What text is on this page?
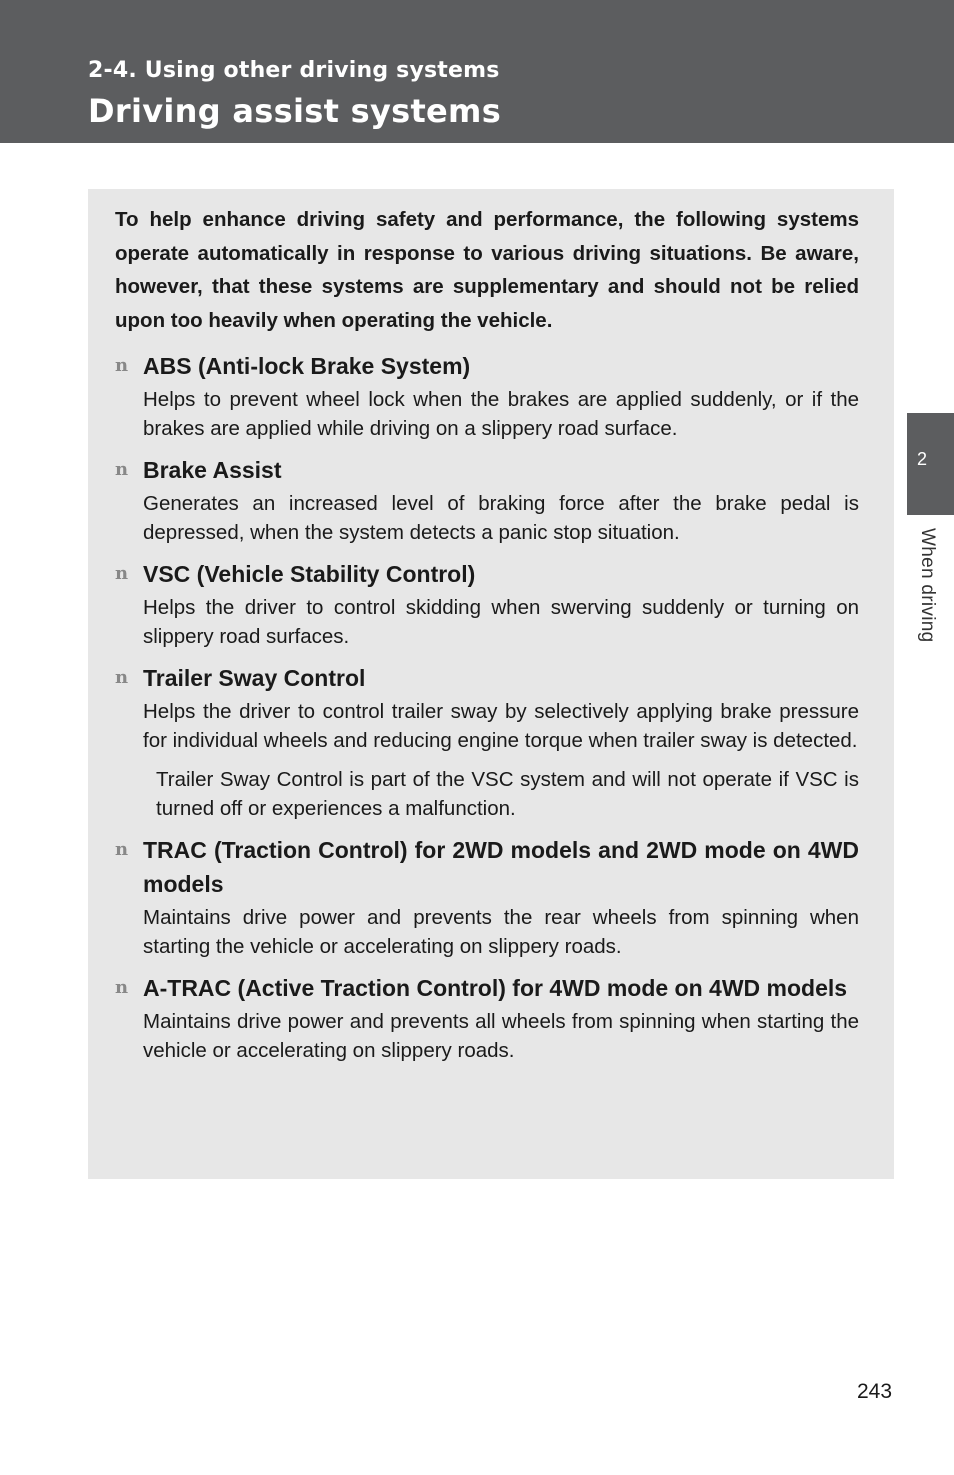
2-4. Using other driving systems
Driving assist systems

To help enhance driving safety and performance, the following systems operate automatically in response to various driving situations. Be aware, however, that these systems are supplementary and should not be relied upon too heavily when operating the vehicle.

n ABS (Anti-lock Brake System)
Helps to prevent wheel lock when the brakes are applied suddenly, or if the brakes are applied while driving on a slippery road surface.
n Brake Assist
Generates an increased level of braking force after the brake pedal is depressed, when the system detects a panic stop situation.
n VSC (Vehicle Stability Control)
Helps the driver to control skidding when swerving suddenly or turning on slippery road surfaces.
n Trailer Sway Control
Helps the driver to control trailer sway by selectively applying brake pressure for individual wheels and reducing engine torque when trailer sway is detected.
Trailer Sway Control is part of the VSC system and will not operate if VSC is turned off or experiences a malfunction.
n TRAC (Traction Control) for 2WD models and 2WD mode on 4WD models
Maintains drive power and prevents the rear wheels from spinning when starting the vehicle or accelerating on slippery roads.
n A-TRAC (Active Traction Control) for 4WD mode on 4WD models
Maintains drive power and prevents all wheels from spinning when starting the vehicle or accelerating on slippery roads.
2
When driving
243
